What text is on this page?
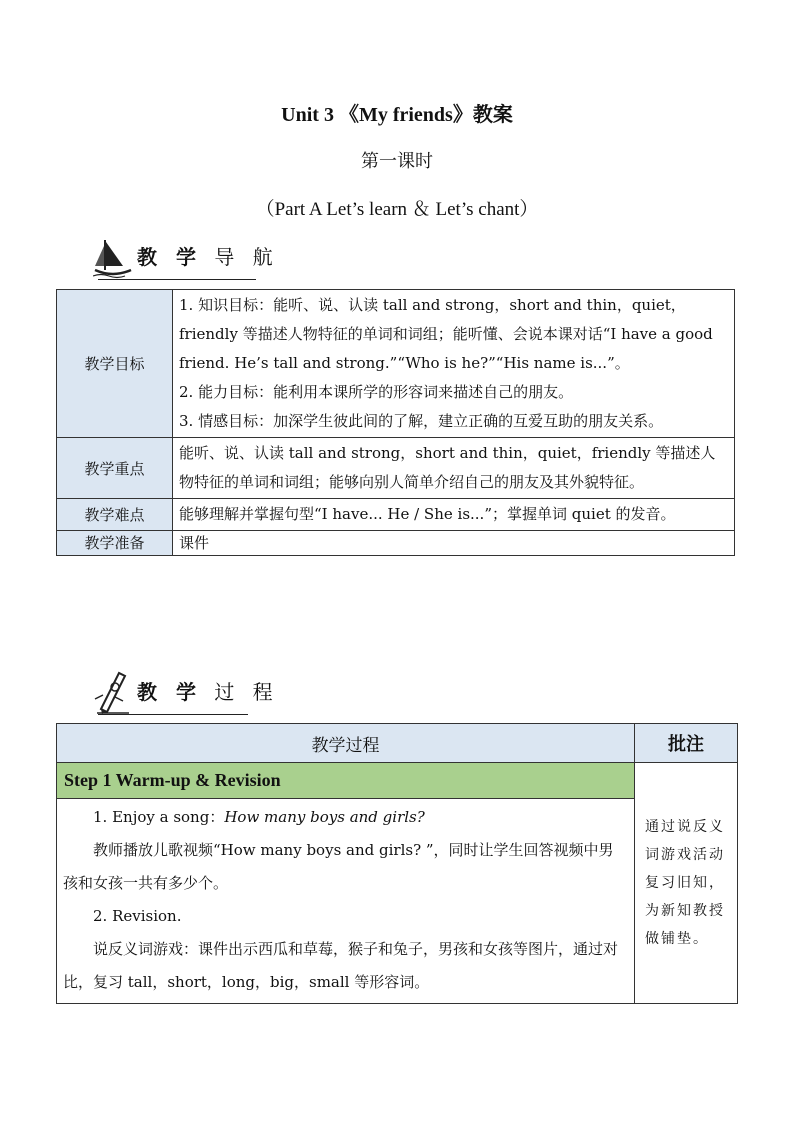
Unit 3 《My friends》教案
第一课时
（Part A Let’s learn ＆ Let’s chant）
教 学 导 航
教学目标	1. 知识目标：能听、说、认读 tall and strong，short and thin，quiet，friendly 等描述人物特征的单词和词组；能听懂、会说本课对话“I have a good friend. He’s tall and strong.”“Who is he?”“His name is...”。
2. 能力目标：能利用本课所学的形容词来描述自己的朋友。
3. 情感目标：加深学生彼此间的了解，建立正确的互爱互助的朋友关系。

教学重点	能听、说、认读 tall and strong，short and thin，quiet，friendly 等描述人物特征的单词和词组；能够向别人简单介绍自己的朋友及其外貌特征。
教学难点	能够理解并掌握句型“I have... He / She is...”；掌握单词 quiet 的发音。
教学准备	课件
教 学 过 程
教学过程	批注
Step 1 Warm-up & Revision	通过说反义词游戏活动复习旧知，为新知教授做铺垫。

1. Enjoy a song：How many boys and girls?

教师播放儿歌视频“How many boys and girls? ”，同时让学生回答视频中男孩和女孩一共有多少个。

2. Revision.

说反义词游戏：课件出示西瓜和草莓，猴子和兔子，男孩和女孩等图片，通过对比，复习 tall，short，long，big，small 等形容词。	
